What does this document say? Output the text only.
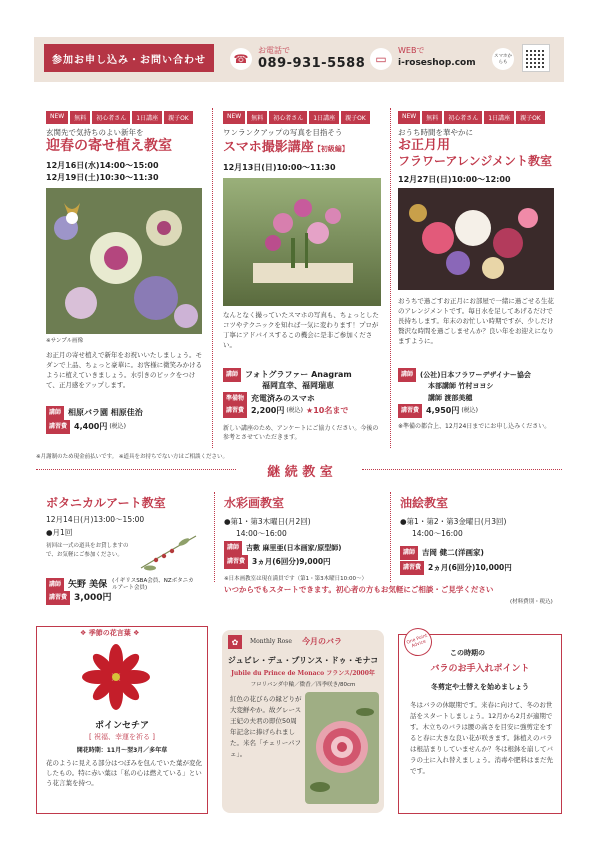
参加お申し込み・お問い合わせ	☎
お電話で
089-931-5588 ▭
WEBで
i-roseshop.com
スマホからも
NEW	無料	初心者さん	1日講座	親子OK
玄関先で気持ちのよい新年を
迎春の寄せ植え教室
12月16日(水)14:00〜15:00
12月19日(土)10:30〜11:30
※サンプル画像
お正月の寄せ植えで新年をお祝いいたしましょう。モダンで上品、ちょっと豪華に。お客様に微笑みかけるように植えていきましょう。水引きのピックをつけて、正月感をアップします。
講師 相原バラ園 相原佳治
講習費 4,400円 (税込)
NEW	無料	初心者さん	1日講座	親子OK
ワンランクアップの写真を目指そう
スマホ撮影講座【初級編】
12月13日(日)10:00〜11:30
なんとなく撮っていたスマホの写真も、ちょっとしたコツやテクニックを知れば一気に変わります！プロが丁寧にアドバイスするこの機会に是非ご参加ください。
講師 フォトグラファー Anagram
福岡直幸、福岡瑞恵
準備物 充電済みのスマホ
講習費 2,200円 (税込) ★10名まで
新しい講座のため、アンケートにご協力ください。今後の参考とさせていただきます。
NEW	無料	初心者さん	1日講座	親子OK
おうち時間を華やかに
お正月用
フラワーアレンジメント教室
12月27日(日)10:00〜12:00
おうちで過ごすお正月にお部屋で一緒に過ごせる生花のアレンジメントです。毎日水を足してあげるだけで長持ちします。年末のお忙しい時期ですが、少しだけ贅沢な時間を過ごしませんか？良い年をお迎えになりますように。
講師	(公社)日本フラワーデザイナー協会
本部講師 竹村ヨヨシ
講師 渡部美穂
講習費 4,950円 (税込)
※準備の都合上、12月24日までにお申し込みください。
※月謝制のため現金前払いです。 ※道具をお持ちでない方はご相談ください。
継 続 教 室
ボタニカルアート教室
12月14日(月)13:00〜15:00
●月1回
初回は一式の道具をお貸しますので、お気軽にご参加ください。
講師 矢野 美保 (イギリスSBA会員、NZボタニカルアート会員)
講習費 3,000円
水彩画教室
●第1・第3木曜日(月2回)
14:00〜16:00
講師	吉數 麻里亜(日本画家/原型師)
講習費 3ヵ月(6回分)9,000円
※日本画教室は現在満員です（第1・第3木曜日10:00〜）
油絵教室
●第1・第2・第3金曜日(月3回)
14:00〜16:00
講師 吉岡 健二(洋画家)
講習費 2ヵ月(6回分)10,000円
いつからでもスタートできます。初心者の方もお気軽にご相談・ご見学ください
(材料費別・税込)
❖ 季節の花言葉 ❖
ポインセチア
[ 祝福、幸運を祈る ]
開花時期：11月〜翌3月／多年草
花のように見える部分はつぼみを包んでいた葉が変化したもの。特に赤い葉は「私の心は燃えている」という花言葉を持つ。
✿	Monthly Rose 今月のバラ
ジュビレ・デュ・プリンス・ドゥ・モナコ
Jubile du Prince de Monaco フランス/2000年
フロリバンダ中輪／微香／四季咲き/80cm
紅色の花びらの縁どりが大変鮮やか。故グレース王妃の夫君の即位50周年記念に捧げられました。米名「チェリーパフェ」。
One Point Advice
この時期の
バラのお手入れポイント
冬剪定や土替えを始めましょう
冬はバラの休眠期です。来春に向けて、冬のお世話をスタートしましょう。12月から2月が適期です。木立ちのバラは腰の高さを目安に強剪定をすると春に大きな良い花が咲きます。鉢植えのバラは根詰まりしていませんか？冬は根鉢を崩してバラの土に入れ替えましょう。消毒や肥料はまだ先です。
